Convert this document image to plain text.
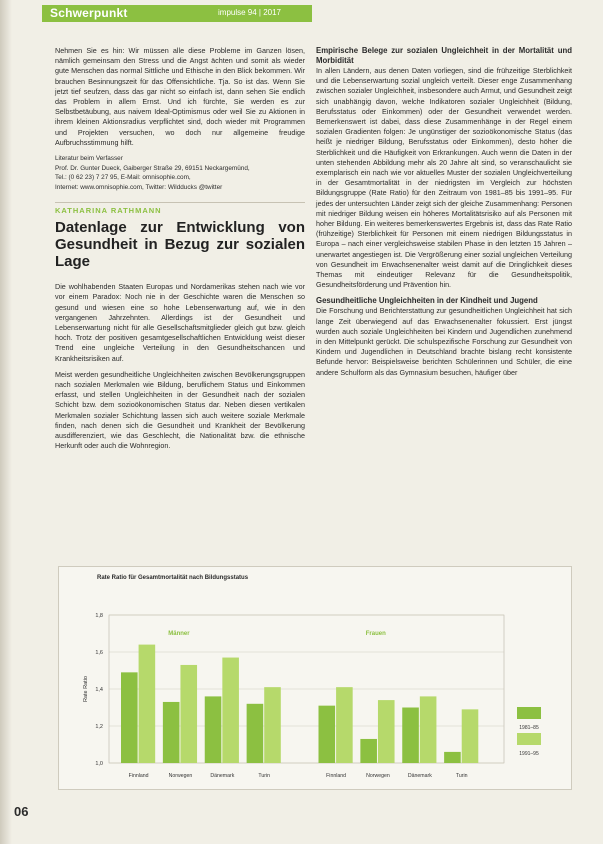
Schwerpunkt	impulse 94 | 2017

Nehmen Sie es hin: Wir müssen alle diese Probleme im Ganzen lösen, nämlich gemeinsam den Stress und die Angst ächten und somit als wieder gute Menschen das normal Sittliche und Ethische in den Blick bekommen. Wir brauchen Besinnungszeit für das Offensichtliche. Tja. So ist das. Wenn Sie jetzt tief seufzen, dass das gar nicht so einfach ist, dann sehen Sie endlich das Problem in allem Ernst. Und ich fürchte, Sie werden es zur Selbstbetäubung, aus naivem Ideal-Optimismus oder weil Sie zu Aktionen in ihrem kleinen Aktionsradius verpflichtet sind, doch wieder mit Programmen und Projekten versuchen, wo doch nur allgemeine freudige Aufbruchsstimmung hilft.

Literatur beim Verfasser
Prof. Dr. Gunter Dueck, Gaiberger Straße 29, 69151 Neckargemünd,
Tel.: (0 62 23) 7 27 95, E-Mail: omnisophie.com,
Internet: www.omnisophie.com, Twitter: Wildducks @twitter
KATHARINA RATHMANN
Datenlage zur Entwicklung von Gesundheit in Bezug zur sozialen Lage

Die wohlhabenden Staaten Europas und Nordamerikas stehen nach wie vor vor einem Paradox: Noch nie in der Geschichte waren die Menschen so gesund und wiesen eine so hohe Lebenserwartung auf, wie in den vergangenen Jahrzehnten. Allerdings ist der Gesundheit und Lebenserwartung nicht für alle Gesellschaftsmitglieder gleich gut bzw. gleich hoch. Trotz der positiven gesamtgesellschaftlichen Entwicklung weist dieser Trend eine ungleiche Verteilung in den Gesundheitschancen und Krankheitsrisiken auf.

Meist werden gesundheitliche Ungleichheiten zwischen Bevölkerungsgruppen nach sozialen Merkmalen wie Bildung, beruflichem Status und Einkommen erfasst, und stellen Ungleichheiten in der Gesundheit nach der sozialen Schicht bzw. dem sozioökonomischen Status dar. Neben diesen vertikalen Merkmalen sozialer Schichtung lassen sich auch weitere soziale Merkmale finden, nach denen sich die Gesundheit und Krankheit der Bevölkerung ausdifferenziert, wie das Geschlecht, die Nationalität bzw. die ethnische Herkunft oder auch die Wohnregion.

Empirische Belege zur sozialen Ungleichheit in der Mortalität und Morbidität

In allen Ländern, aus denen Daten vorliegen, sind die frühzeitige Sterblichkeit und die Lebenserwartung sozial ungleich verteilt. Dieser enge Zusammenhang zwischen sozialer Ungleichheit, insbesondere auch Armut, und Gesundheit zeigt sich unabhängig davon, welche Indikatoren sozialer Ungleichheit (Bildung, Berufsstatus oder Einkommen) oder der Gesundheit verwendet werden. Bemerkenswert ist dabei, dass diese Zusammenhänge in der Regel einem sozialen Gradienten folgen: Je ungünstiger der sozioökonomische Status (das heißt je niedriger Bildung, Berufsstatus oder Einkommen), desto höher die Sterblichkeit und die Häufigkeit von Erkrankungen. Auch wenn die Daten in der unten stehenden Abbildung mehr als 20 Jahre alt sind, so veranschaulicht sie exemplarisch ein nach wie vor aktuelles Muster der sozialen Ungleichverteilung in der Gesamtmortalität in der niedrigsten im Vergleich zur höchsten Bildungsgruppe (Rate Ratio) für den Zeitraum von 1981–85 bis 1991–95. Für jedes der untersuchten Länder zeigt sich der gleiche Zusammenhang: Personen mit niedriger Bildung weisen ein höheres Mortalitätsrisiko auf als Personen mit hoher Bildung. Ein weiteres bemerkenswertes Ergebnis ist, dass das Rate Ratio (frühzeitige) Sterblichkeit für Personen mit einem niedrigen Bildungsstatus in Europa – nach einer vergleichsweise stabilen Phase in den letzten 15 Jahren – unerwartet angestiegen ist. Die Vergrößerung einer sozial ungleichen Verteilung von Gesundheit im Erwachsenenalter weist damit auf die Dringlichkeit dieses Themas mit eindeutiger Relevanz für die Gesundheitspolitik, Gesundheitsförderung und Prävention hin.

Gesundheitliche Ungleichheiten in der Kindheit und Jugend

Die Forschung und Berichterstattung zur gesundheitlichen Ungleichheit hat sich lange Zeit überwiegend auf das Erwachsenenalter fokussiert. Erst jüngst wurden auch soziale Ungleichheiten bei Kindern und Jugendlichen zunehmend in den Mittelpunkt gerückt. Die schulspezifische Forschung zur Gesundheit von Kindern und Jugendlichen in Deutschland brachte bislang recht konsistente Befunde hervor: Beispielsweise berichten Schülerinnen und Schüler, die eine andere Schulform als das Gymnasium besuchen, häufiger über

Rate Ratio für Gesamtmortalität nach Bildungsstatus
1,0
1,2
1,4
1,6
1,8
Rate Ratio
Männer
Finnland	Norwegen	Dänemark	Turin
Frauen
Finnland	Norwegen	Dänemark	Turin
1981–85
1991–95
06
